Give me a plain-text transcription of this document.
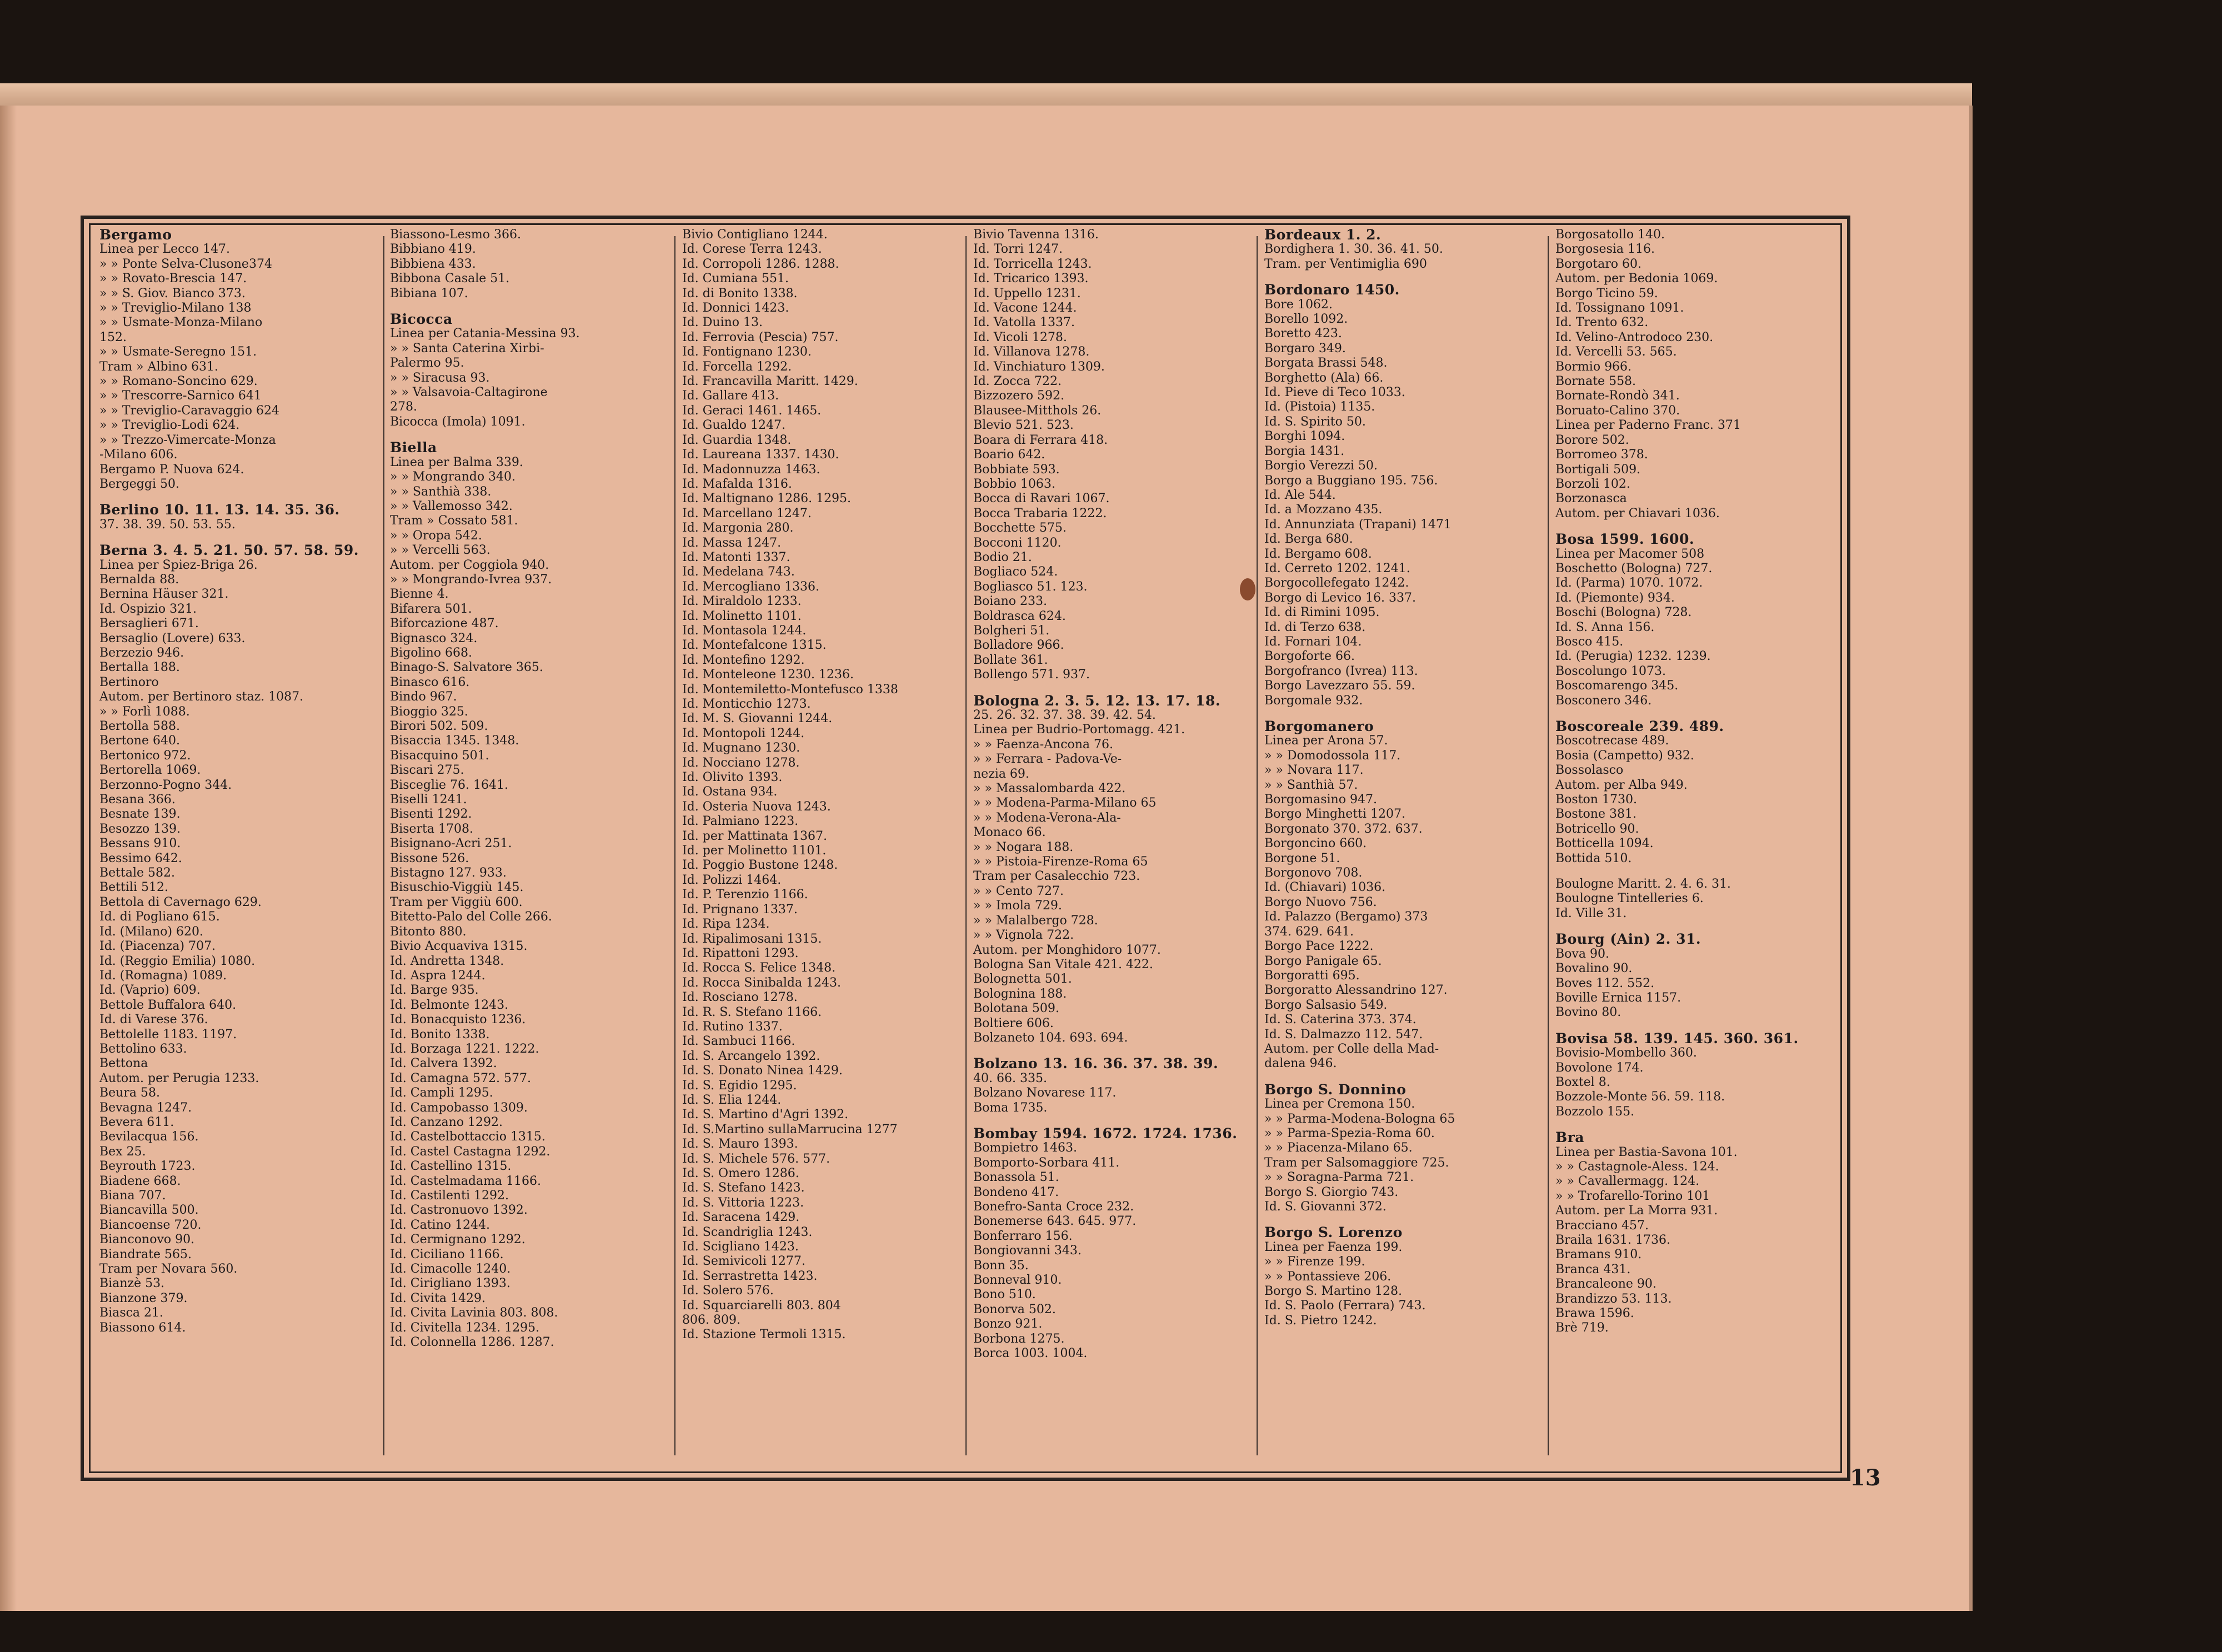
Bergamo
Linea per Lecco 147.
» » Ponte Selva-Clusone374
» » Rovato-Brescia 147.
» » S. Giov. Bianco 373.
» » Treviglio-Milano 138
» » Usmate-Monza-Milano
152.
» » Usmate-Seregno 151.
Tram » Albino 631.
» » Romano-Soncino 629.
» » Trescorre-Sarnico 641
» » Treviglio-Caravaggio 624
» » Treviglio-Lodi 624.
» » Trezzo-Vimercate-Monza
-Milano 606.
Bergamo P. Nuova 624.
Bergeggi 50.
Berlino 10. 11. 13. 14. 35. 36.
37. 38. 39. 50. 53. 55.
Berna 3. 4. 5. 21. 50. 57. 58. 59.
Linea per Spiez-Briga 26.
Bernalda 88.
Bernina Häuser 321.
Id. Ospizio 321.
Bersaglieri 671.
Bersaglio (Lovere) 633.
Berzezio 946.
Bertalla 188.
Bertinoro
Autom. per Bertinoro staz. 1087.
» » Forlì 1088.
Bertolla 588.
Bertone 640.
Bertonico 972.
Bertorella 1069.
Berzonno-Pogno 344.
Besana 366.
Besnate 139.
Besozzo 139.
Bessans 910.
Bessimo 642.
Bettale 582.
Bettili 512.
Bettola di Cavernago 629.
Id. di Pogliano 615.
Id. (Milano) 620.
Id. (Piacenza) 707.
Id. (Reggio Emilia) 1080.
Id. (Romagna) 1089.
Id. (Vaprio) 609.
Bettole Buffalora 640.
Id. di Varese 376.
Bettolelle 1183. 1197.
Bettolino 633.
Bettona
Autom. per Perugia 1233.
Beura 58.
Bevagna 1247.
Bevera 611.
Bevilacqua 156.
Bex 25.
Beyrouth 1723.
Biadene 668.
Biana 707.
Biancavilla 500.
Biancoense 720.
Bianconovo 90.
Biandrate 565.
Tram per Novara 560.
Bianzè 53.
Bianzone 379.
Biasca 21.
Biassono 614.
Biassono-Lesmo 366.
Bibbiano 419.
Bibbiena 433.
Bibbona Casale 51.
Bibiana 107.
Bicocca
Linea per Catania-Messina 93.
» » Santa Caterina Xirbi-
Palermo 95.
» » Siracusa 93.
» » Valsavoia-Caltagirone
278.
Bicocca (Imola) 1091.
Biella
Linea per Balma 339.
» » Mongrando 340.
» » Santhià 338.
» » Vallemosso 342.
Tram » Cossato 581.
» » Oropa 542.
» » Vercelli 563.
Autom. per Coggiola 940.
» » Mongrando-Ivrea 937.
Bienne 4.
Bifarera 501.
Biforcazione 487.
Bignasco 324.
Bigolino 668.
Binago-S. Salvatore 365.
Binasco 616.
Bindo 967.
Bioggio 325.
Birori 502. 509.
Bisaccia 1345. 1348.
Bisacquino 501.
Biscari 275.
Bisceglie 76. 1641.
Biselli 1241.
Bisenti 1292.
Biserta 1708.
Bisignano-Acri 251.
Bissone 526.
Bistagno 127. 933.
Bisuschio-Viggiù 145.
Tram per Viggiù 600.
Bitetto-Palo del Colle 266.
Bitonto 880.
Bivio Acquaviva 1315.
Id. Andretta 1348.
Id. Aspra 1244.
Id. Barge 935.
Id. Belmonte 1243.
Id. Bonacquisto 1236.
Id. Bonito 1338.
Id. Borzaga 1221. 1222.
Id. Calvera 1392.
Id. Camagna 572. 577.
Id. Campli 1295.
Id. Campobasso 1309.
Id. Canzano 1292.
Id. Castelbottaccio 1315.
Id. Castel Castagna 1292.
Id. Castellino 1315.
Id. Castelmadama 1166.
Id. Castilenti 1292.
Id. Castronuovo 1392.
Id. Catino 1244.
Id. Cermignano 1292.
Id. Ciciliano 1166.
Id. Cimacolle 1240.
Id. Cirigliano 1393.
Id. Civita 1429.
Id. Civita Lavinia 803. 808.
Id. Civitella 1234. 1295.
Id. Colonnella 1286. 1287.
Bivio Contigliano 1244.
Id. Corese Terra 1243.
Id. Corropoli 1286. 1288.
Id. Cumiana 551.
Id. di Bonito 1338.
Id. Donnici 1423.
Id. Duino 13.
Id. Ferrovia (Pescia) 757.
Id. Fontignano 1230.
Id. Forcella 1292.
Id. Francavilla Maritt. 1429.
Id. Gallare 413.
Id. Geraci 1461. 1465.
Id. Gualdo 1247.
Id. Guardia 1348.
Id. Laureana 1337. 1430.
Id. Madonnuzza 1463.
Id. Mafalda 1316.
Id. Maltignano 1286. 1295.
Id. Marcellano 1247.
Id. Margonia 280.
Id. Massa 1247.
Id. Matonti 1337.
Id. Medelana 743.
Id. Mercogliano 1336.
Id. Miraldolo 1233.
Id. Molinetto 1101.
Id. Montasola 1244.
Id. Montefalcone 1315.
Id. Montefino 1292.
Id. Monteleone 1230. 1236.
Id. Montemiletto-Montefusco 1338
Id. Monticchio 1273.
Id. M. S. Giovanni 1244.
Id. Montopoli 1244.
Id. Mugnano 1230.
Id. Nocciano 1278.
Id. Olivito 1393.
Id. Ostana 934.
Id. Osteria Nuova 1243.
Id. Palmiano 1223.
Id. per Mattinata 1367.
Id. per Molinetto 1101.
Id. Poggio Bustone 1248.
Id. Polizzi 1464.
Id. P. Terenzio 1166.
Id. Prignano 1337.
Id. Ripa 1234.
Id. Ripalimosani 1315.
Id. Ripattoni 1293.
Id. Rocca S. Felice 1348.
Id. Rocca Sinibalda 1243.
Id. Rosciano 1278.
Id. R. S. Stefano 1166.
Id. Rutino 1337.
Id. Sambuci 1166.
Id. S. Arcangelo 1392.
Id. S. Donato Ninea 1429.
Id. S. Egidio 1295.
Id. S. Elia 1244.
Id. S. Martino d'Agri 1392.
Id. S.Martino sullaMarrucina 1277
Id. S. Mauro 1393.
Id. S. Michele 576. 577.
Id. S. Omero 1286.
Id. S. Stefano 1423.
Id. S. Vittoria 1223.
Id. Saracena 1429.
Id. Scandriglia 1243.
Id. Scigliano 1423.
Id. Semivicoli 1277.
Id. Serrastretta 1423.
Id. Solero 576.
Id. Squarciarelli 803. 804
806. 809.
Id. Stazione Termoli 1315.
Bivio Tavenna 1316.
Id. Torri 1247.
Id. Torricella 1243.
Id. Tricarico 1393.
Id. Uppello 1231.
Id. Vacone 1244.
Id. Vatolla 1337.
Id. Vicoli 1278.
Id. Villanova 1278.
Id. Vinchiaturo 1309.
Id. Zocca 722.
Bizzozero 592.
Blausee-Mitthols 26.
Blevio 521. 523.
Boara di Ferrara 418.
Boario 642.
Bobbiate 593.
Bobbio 1063.
Bocca di Ravari 1067.
Bocca Trabaria 1222.
Bocchette 575.
Bocconi 1120.
Bodio 21.
Bogliaco 524.
Bogliasco 51. 123.
Boiano 233.
Boldrasca 624.
Bolgheri 51.
Bolladore 966.
Bollate 361.
Bollengo 571. 937.
Bologna 2. 3. 5. 12. 13. 17. 18.
25. 26. 32. 37. 38. 39. 42. 54.
Linea per Budrio-Portomagg. 421.
» » Faenza-Ancona 76.
» » Ferrara - Padova-Ve-
nezia 69.
» » Massalombarda 422.
» » Modena-Parma-Milano 65
» » Modena-Verona-Ala-
Monaco 66.
» » Nogara 188.
» » Pistoia-Firenze-Roma 65
Tram per Casalecchio 723.
» » Cento 727.
» » Imola 729.
» » Malalbergo 728.
» » Vignola 722.
Autom. per Monghidoro 1077.
Bologna San Vitale 421. 422.
Bolognetta 501.
Bolognina 188.
Bolotana 509.
Boltiere 606.
Bolzaneto 104. 693. 694.
Bolzano 13. 16. 36. 37. 38. 39.
40. 66. 335.
Bolzano Novarese 117.
Boma 1735.
Bombay 1594. 1672. 1724. 1736.
Bompietro 1463.
Bomporto-Sorbara 411.
Bonassola 51.
Bondeno 417.
Bonefro-Santa Croce 232.
Bonemerse 643. 645. 977.
Bonferraro 156.
Bongiovanni 343.
Bonn 35.
Bonneval 910.
Bono 510.
Bonorva 502.
Bonzo 921.
Borbona 1275.
Borca 1003. 1004.
Bordeaux 1. 2.
Bordighera 1. 30. 36. 41. 50.
Tram. per Ventimiglia 690
Bordonaro 1450.
Bore 1062.
Borello 1092.
Boretto 423.
Borgaro 349.
Borgata Brassi 548.
Borghetto (Ala) 66.
Id. Pieve di Teco 1033.
Id. (Pistoia) 1135.
Id. S. Spirito 50.
Borghi 1094.
Borgia 1431.
Borgio Verezzi 50.
Borgo a Buggiano 195. 756.
Id. Ale 544.
Id. a Mozzano 435.
Id. Annunziata (Trapani) 1471
Id. Berga 680.
Id. Bergamo 608.
Id. Cerreto 1202. 1241.
Borgocollefegato 1242.
Borgo di Levico 16. 337.
Id. di Rimini 1095.
Id. di Terzo 638.
Id. Fornari 104.
Borgoforte 66.
Borgofranco (Ivrea) 113.
Borgo Lavezzaro 55. 59.
Borgomale 932.
Borgomanero
Linea per Arona 57.
» » Domodossola 117.
» » Novara 117.
» » Santhià 57.
Borgomasino 947.
Borgo Minghetti 1207.
Borgonato 370. 372. 637.
Borgoncino 660.
Borgone 51.
Borgonovo 708.
Id. (Chiavari) 1036.
Borgo Nuovo 756.
Id. Palazzo (Bergamo) 373
374. 629. 641.
Borgo Pace 1222.
Borgo Panigale 65.
Borgoratti 695.
Borgoratto Alessandrino 127.
Borgo Salsasio 549.
Id. S. Caterina 373. 374.
Id. S. Dalmazzo 112. 547.
Autom. per Colle della Mad-
dalena 946.
Borgo S. Donnino
Linea per Cremona 150.
» » Parma-Modena-Bologna 65
» » Parma-Spezia-Roma 60.
» » Piacenza-Milano 65.
Tram per Salsomaggiore 725.
» » Soragna-Parma 721.
Borgo S. Giorgio 743.
Id. S. Giovanni 372.
Borgo S. Lorenzo
Linea per Faenza 199.
» » Firenze 199.
» » Pontassieve 206.
Borgo S. Martino 128.
Id. S. Paolo (Ferrara) 743.
Id. S. Pietro 1242.
Borgosatollo 140.
Borgosesia 116.
Borgotaro 60.
Autom. per Bedonia 1069.
Borgo Ticino 59.
Id. Tossignano 1091.
Id. Trento 632.
Id. Velino-Antrodoco 230.
Id. Vercelli 53. 565.
Bormio 966.
Bornate 558.
Bornate-Rondò 341.
Boruato-Calino 370.
Linea per Paderno Franc. 371
Borore 502.
Borromeo 378.
Bortigali 509.
Borzoli 102.
Borzonasca
Autom. per Chiavari 1036.
Bosa 1599. 1600.
Linea per Macomer 508
Boschetto (Bologna) 727.
Id. (Parma) 1070. 1072.
Id. (Piemonte) 934.
Boschi (Bologna) 728.
Id. S. Anna 156.
Bosco 415.
Id. (Perugia) 1232. 1239.
Boscolungo 1073.
Boscomarengo 345.
Bosconero 346.
Boscoreale 239. 489.
Boscotrecase 489.
Bosia (Campetto) 932.
Bossolasco
Autom. per Alba 949.
Boston 1730.
Bostone 381.
Botricello 90.
Botticella 1094.
Bottida 510.
Boulogne Maritt. 2. 4. 6. 31.
Boulogne Tintelleries 6.
Id. Ville 31.
Bourg (Ain) 2. 31.
Bova 90.
Bovalino 90.
Boves 112. 552.
Boville Ernica 1157.
Bovino 80.
Bovisa 58. 139. 145. 360. 361.
Bovisio-Mombello 360.
Bovolone 174.
Boxtel 8.
Bozzole-Monte 56. 59. 118.
Bozzolo 155.
Bra
Linea per Bastia-Savona 101.
» » Castagnole-Aless. 124.
» » Cavallermagg. 124.
» » Trofarello-Torino 101
Autom. per La Morra 931.
Bracciano 457.
Braila 1631. 1736.
Bramans 910.
Branca 431.
Brancaleone 90.
Brandizzo 53. 113.
Brawa 1596.
Brè 719.
13
